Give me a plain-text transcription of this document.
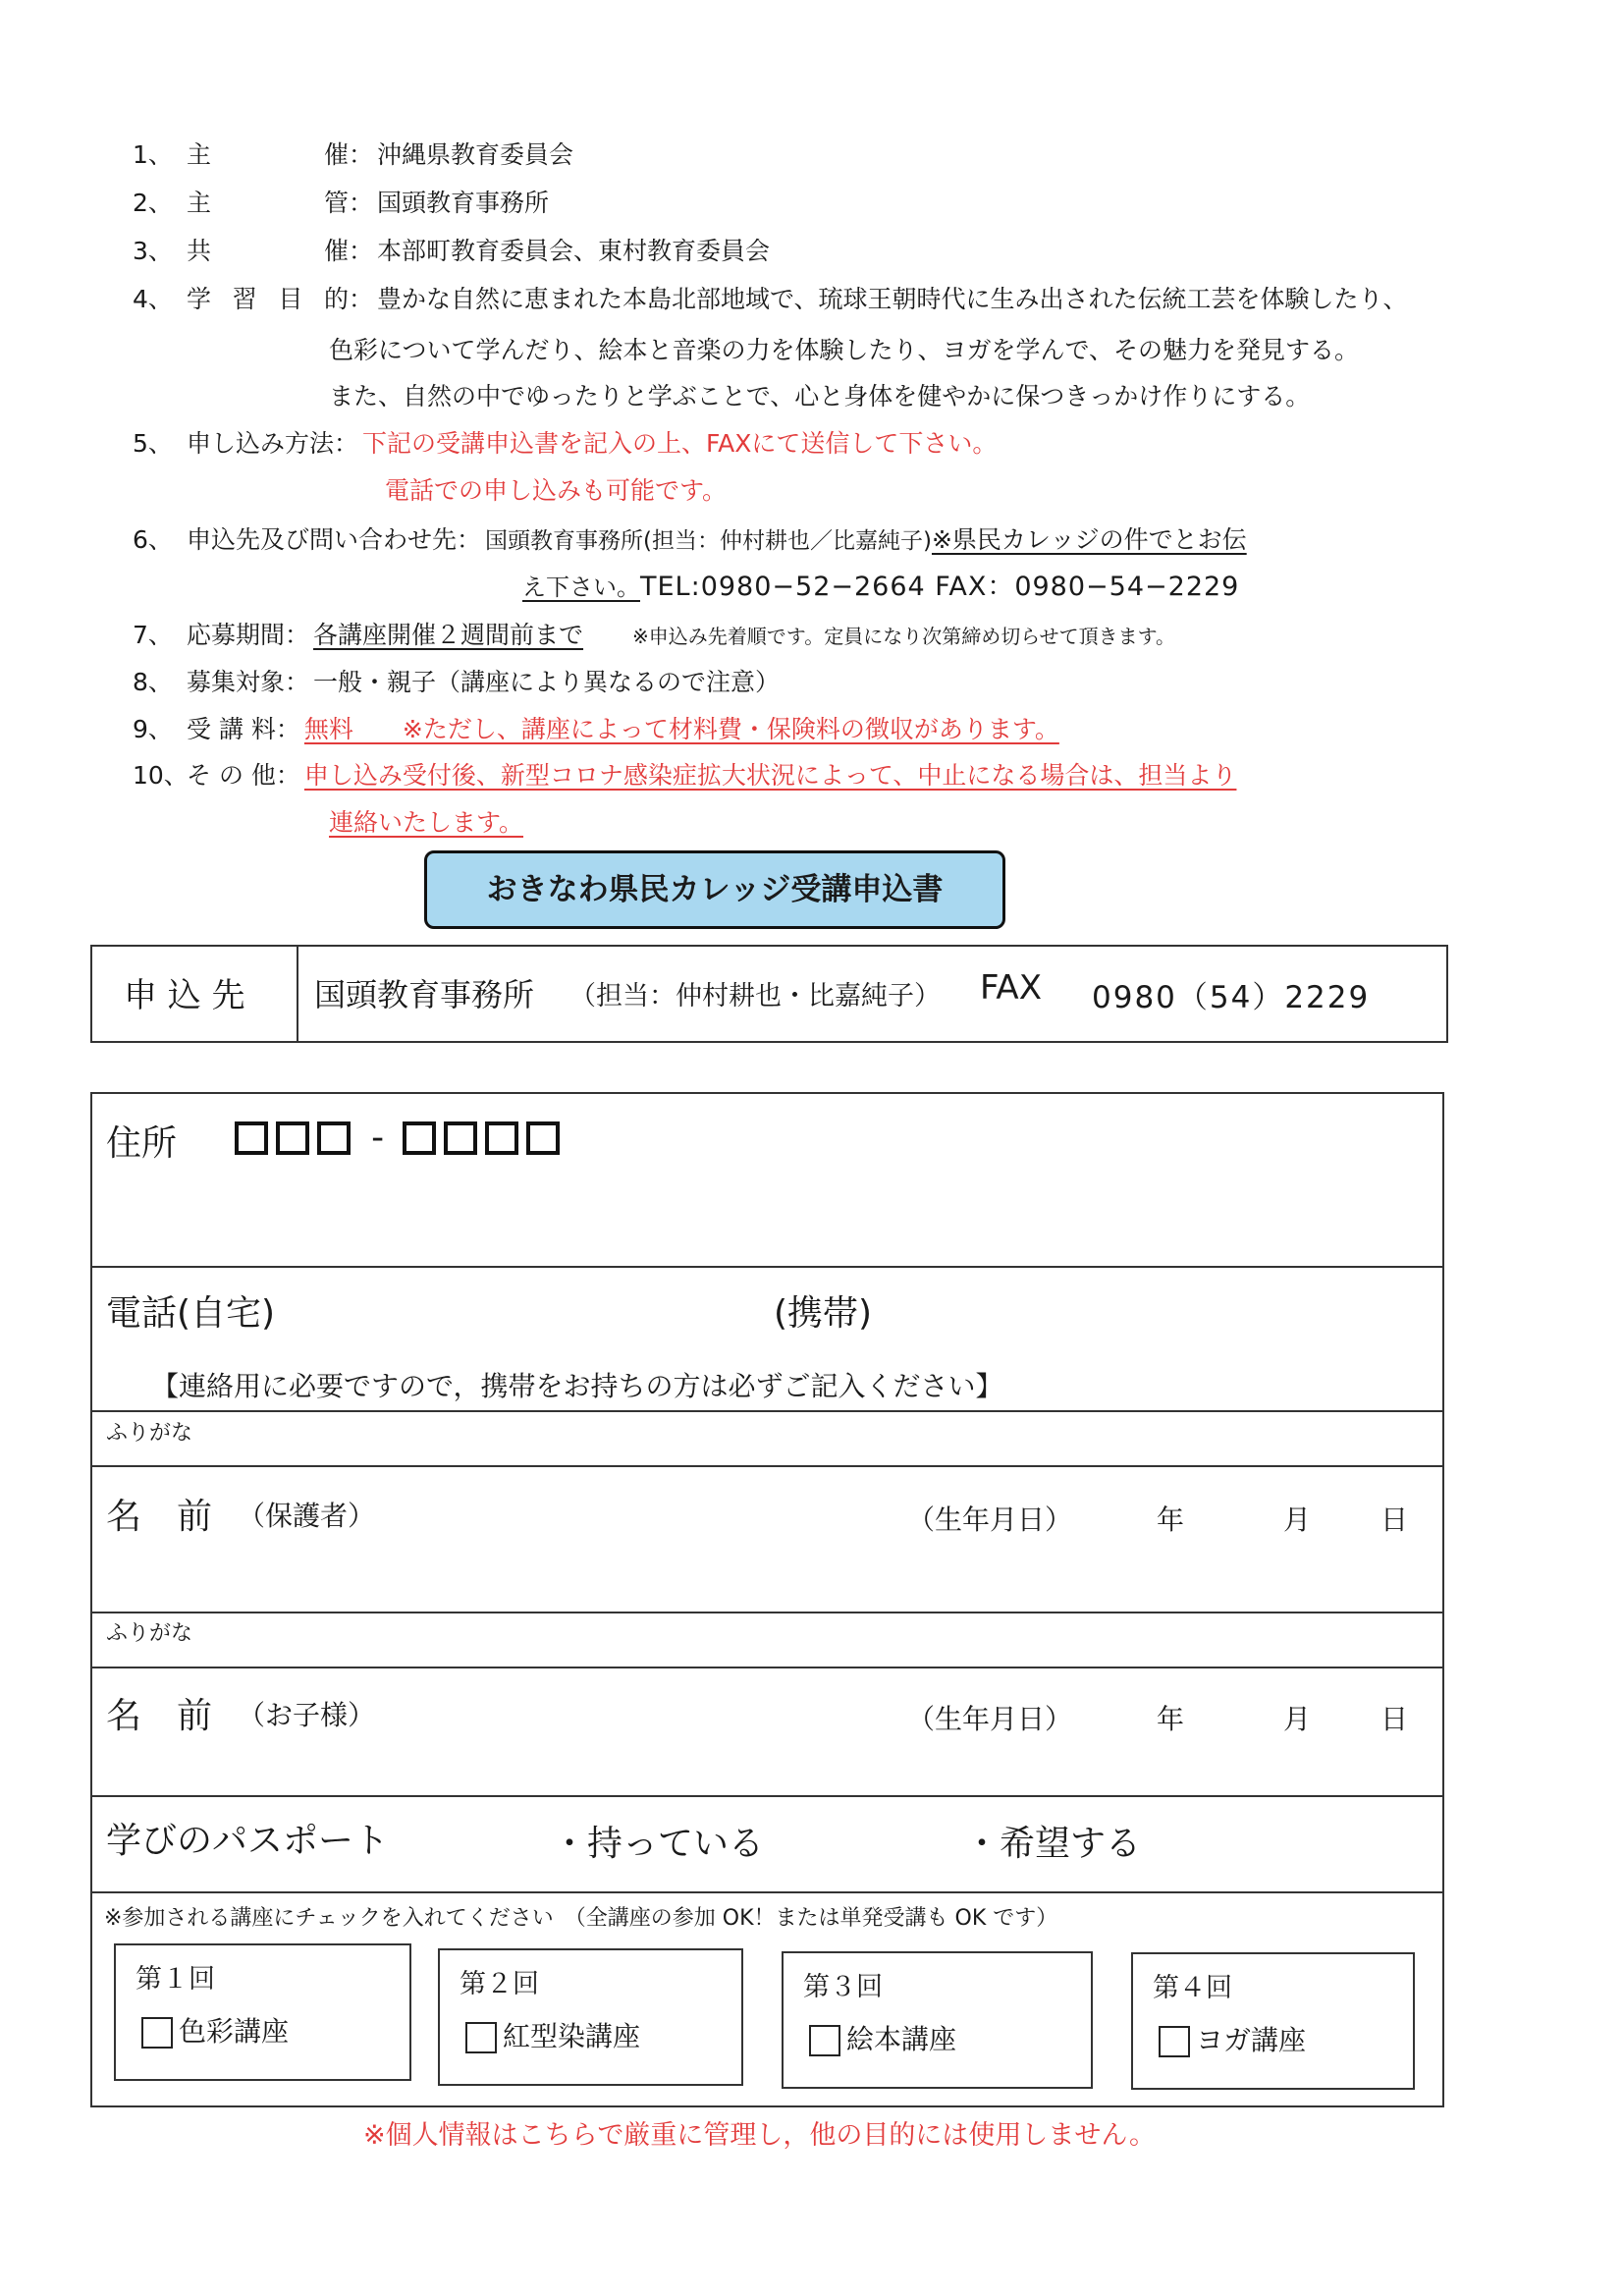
1、 主　　催： 沖縄県教育委員会
2、 主　　管： 国頭教育事務所
3、 共　　催： 本部町教育委員会、東村教育委員会
4、 学習目的： 豊かな自然に恵まれた本島北部地域で、琉球王朝時代に生み出された伝統工芸を体験したり、
色彩について学んだり、絵本と音楽の力を体験したり、ヨガを学んで、その魅力を発見する。
また、自然の中でゆったりと学ぶことで、心と身体を健やかに保つきっかけ作りにする。
5、 申し込み方法： 下記の受講申込書を記入の上、FAXにて送信して下さい。
電話での申し込みも可能です。
6、 申込先及び問い合わせ先： 国頭教育事務所(担当：仲村耕也／比嘉純子)※県民カレッジの件でとお伝
え下さい。TEL:0980−52−2664 FAX：0980−54−2229
7、 応募期間： 各講座開催２週間前まで	※申込み先着順です。定員になり次第締め切らせて頂きます。
8、 募集対象： 一般・親子（講座により異なるので注意）
9、 受 講 料： 無料　　※ただし、講座によって材料費・保険料の徴収があります。
10、そ の 他： 申し込み受付後、新型コロナ感染症拡大状況によって、中止になる場合は、担当より
連絡いたします。
おきなわ県民カレッジ受講申込書
申 込 先 国頭教育事務所 （担当：仲村耕也・比嘉純子） FAX 0980（54）2229
住所	-
電話(自宅)	(携帯)
【連絡用に必要ですので，携帯をお持ちの方は必ずご記入ください】
ふりがな
名　前 （保護者）	（生年月日）	年	月	日
ふりがな
名　前 （お子様）	（生年月日）	年	月	日
学びのパスポート	・持っている	・希望する
※参加される講座にチェックを入れてください　（全講座の参加 OK！または単発受講も OK です）
第１回
色彩講座
第２回
紅型染講座
第３回
絵本講座
第４回
ヨガ講座
※個人情報はこちらで厳重に管理し，他の目的には使用しません。
